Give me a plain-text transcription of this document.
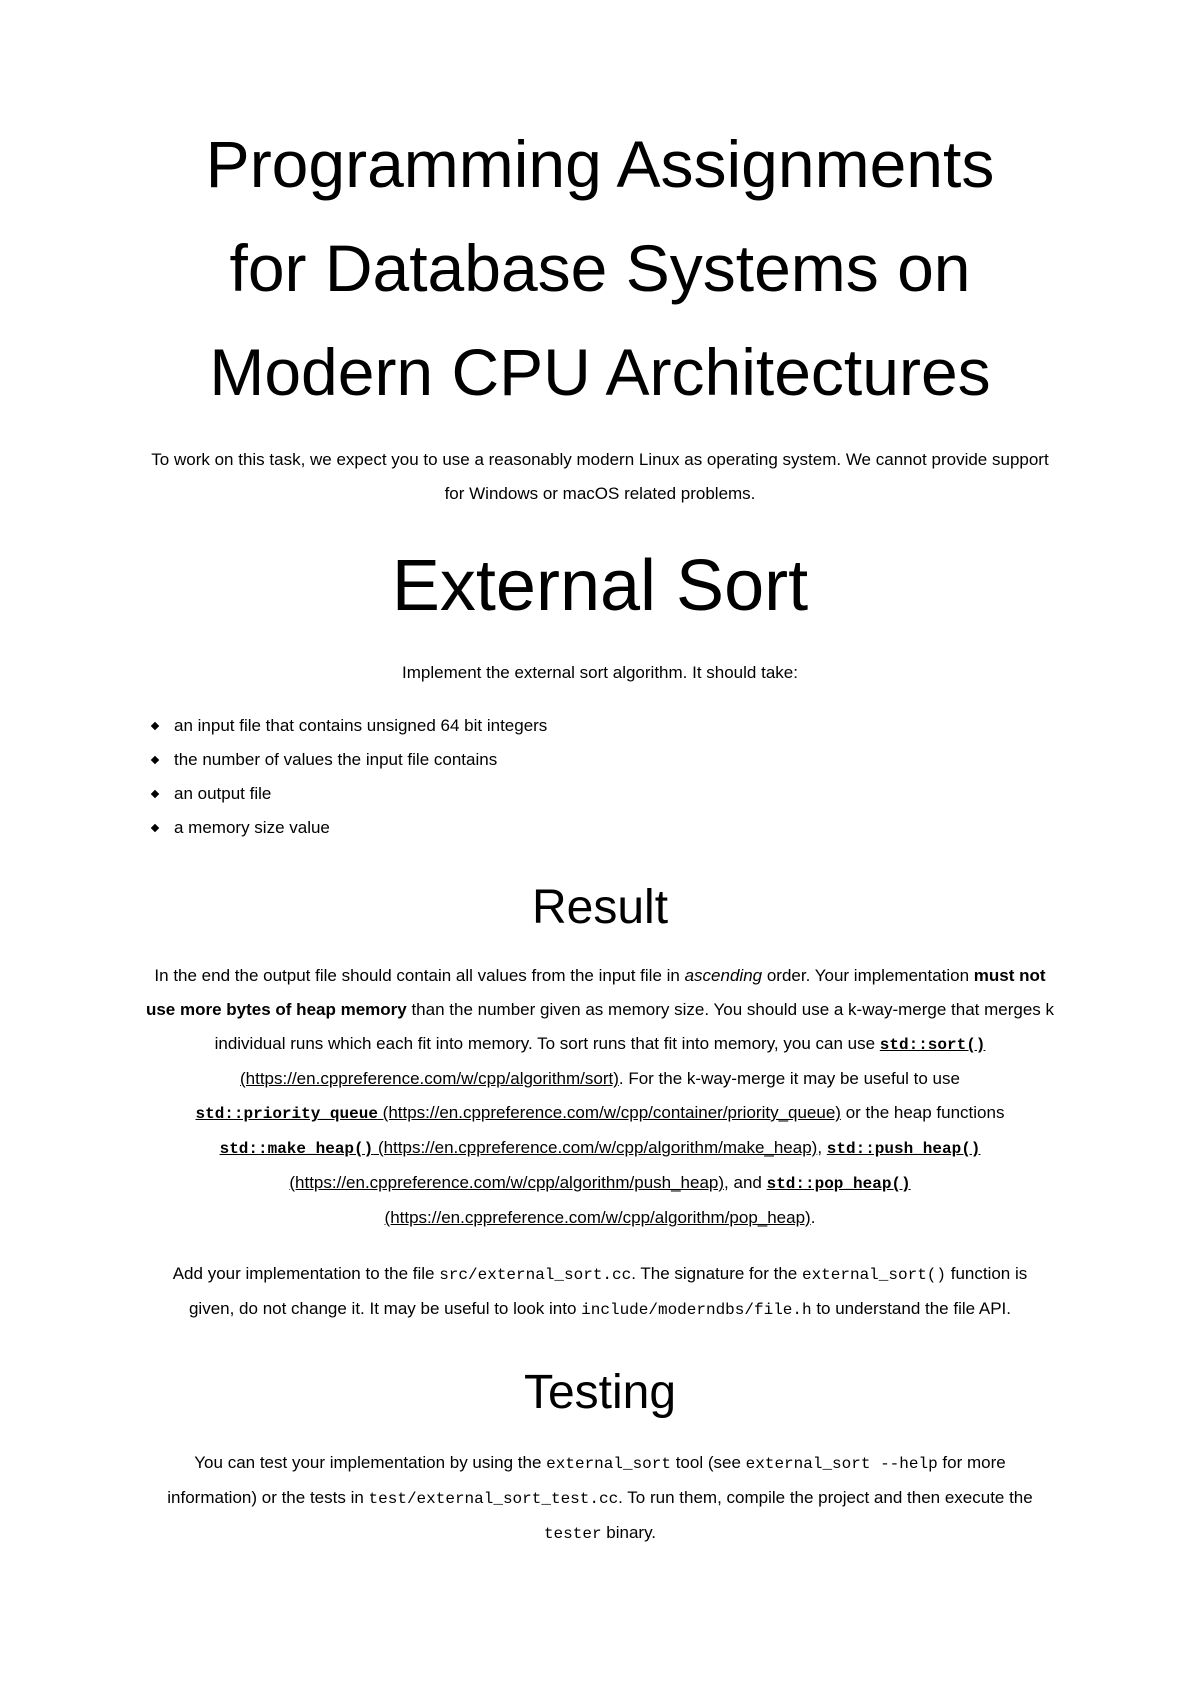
Programming Assignments
for Database Systems on
Modern CPU Architectures

To work on this task, we expect you to use a reasonably modern Linux as operating system. We cannot provide support
for Windows or macOS related problems.

External Sort

Implement the external sort algorithm. It should take:

an input file that contains unsigned 64 bit integers
the number of values the input file contains
an output file
a memory size value
Result

In the end the output file should contain all values from the input file in ascending order. Your implementation must not
use more bytes of heap memory than the number given as memory size. You should use a k-way-merge that merges k
individual runs which each fit into memory. To sort runs that fit into memory, you can use std::sort()
(https://en.cppreference.com/w/cpp/algorithm/sort). For the k-way-merge it may be useful to use
std::priority_queue (https://en.cppreference.com/w/cpp/container/priority_queue) or the heap functions
std::make_heap() (https://en.cppreference.com/w/cpp/algorithm/make_heap), std::push_heap()
(https://en.cppreference.com/w/cpp/algorithm/push_heap), and std::pop_heap()
(https://en.cppreference.com/w/cpp/algorithm/pop_heap).

Add your implementation to the file src/external_sort.cc. The signature for the external_sort() function is
given, do not change it. It may be useful to look into include/moderndbs/file.h to understand the file API.

Testing

You can test your implementation by using the external_sort tool (see external_sort --help for more
information) or the tests in test/external_sort_test.cc. To run them, compile the project and then execute the
tester binary.
